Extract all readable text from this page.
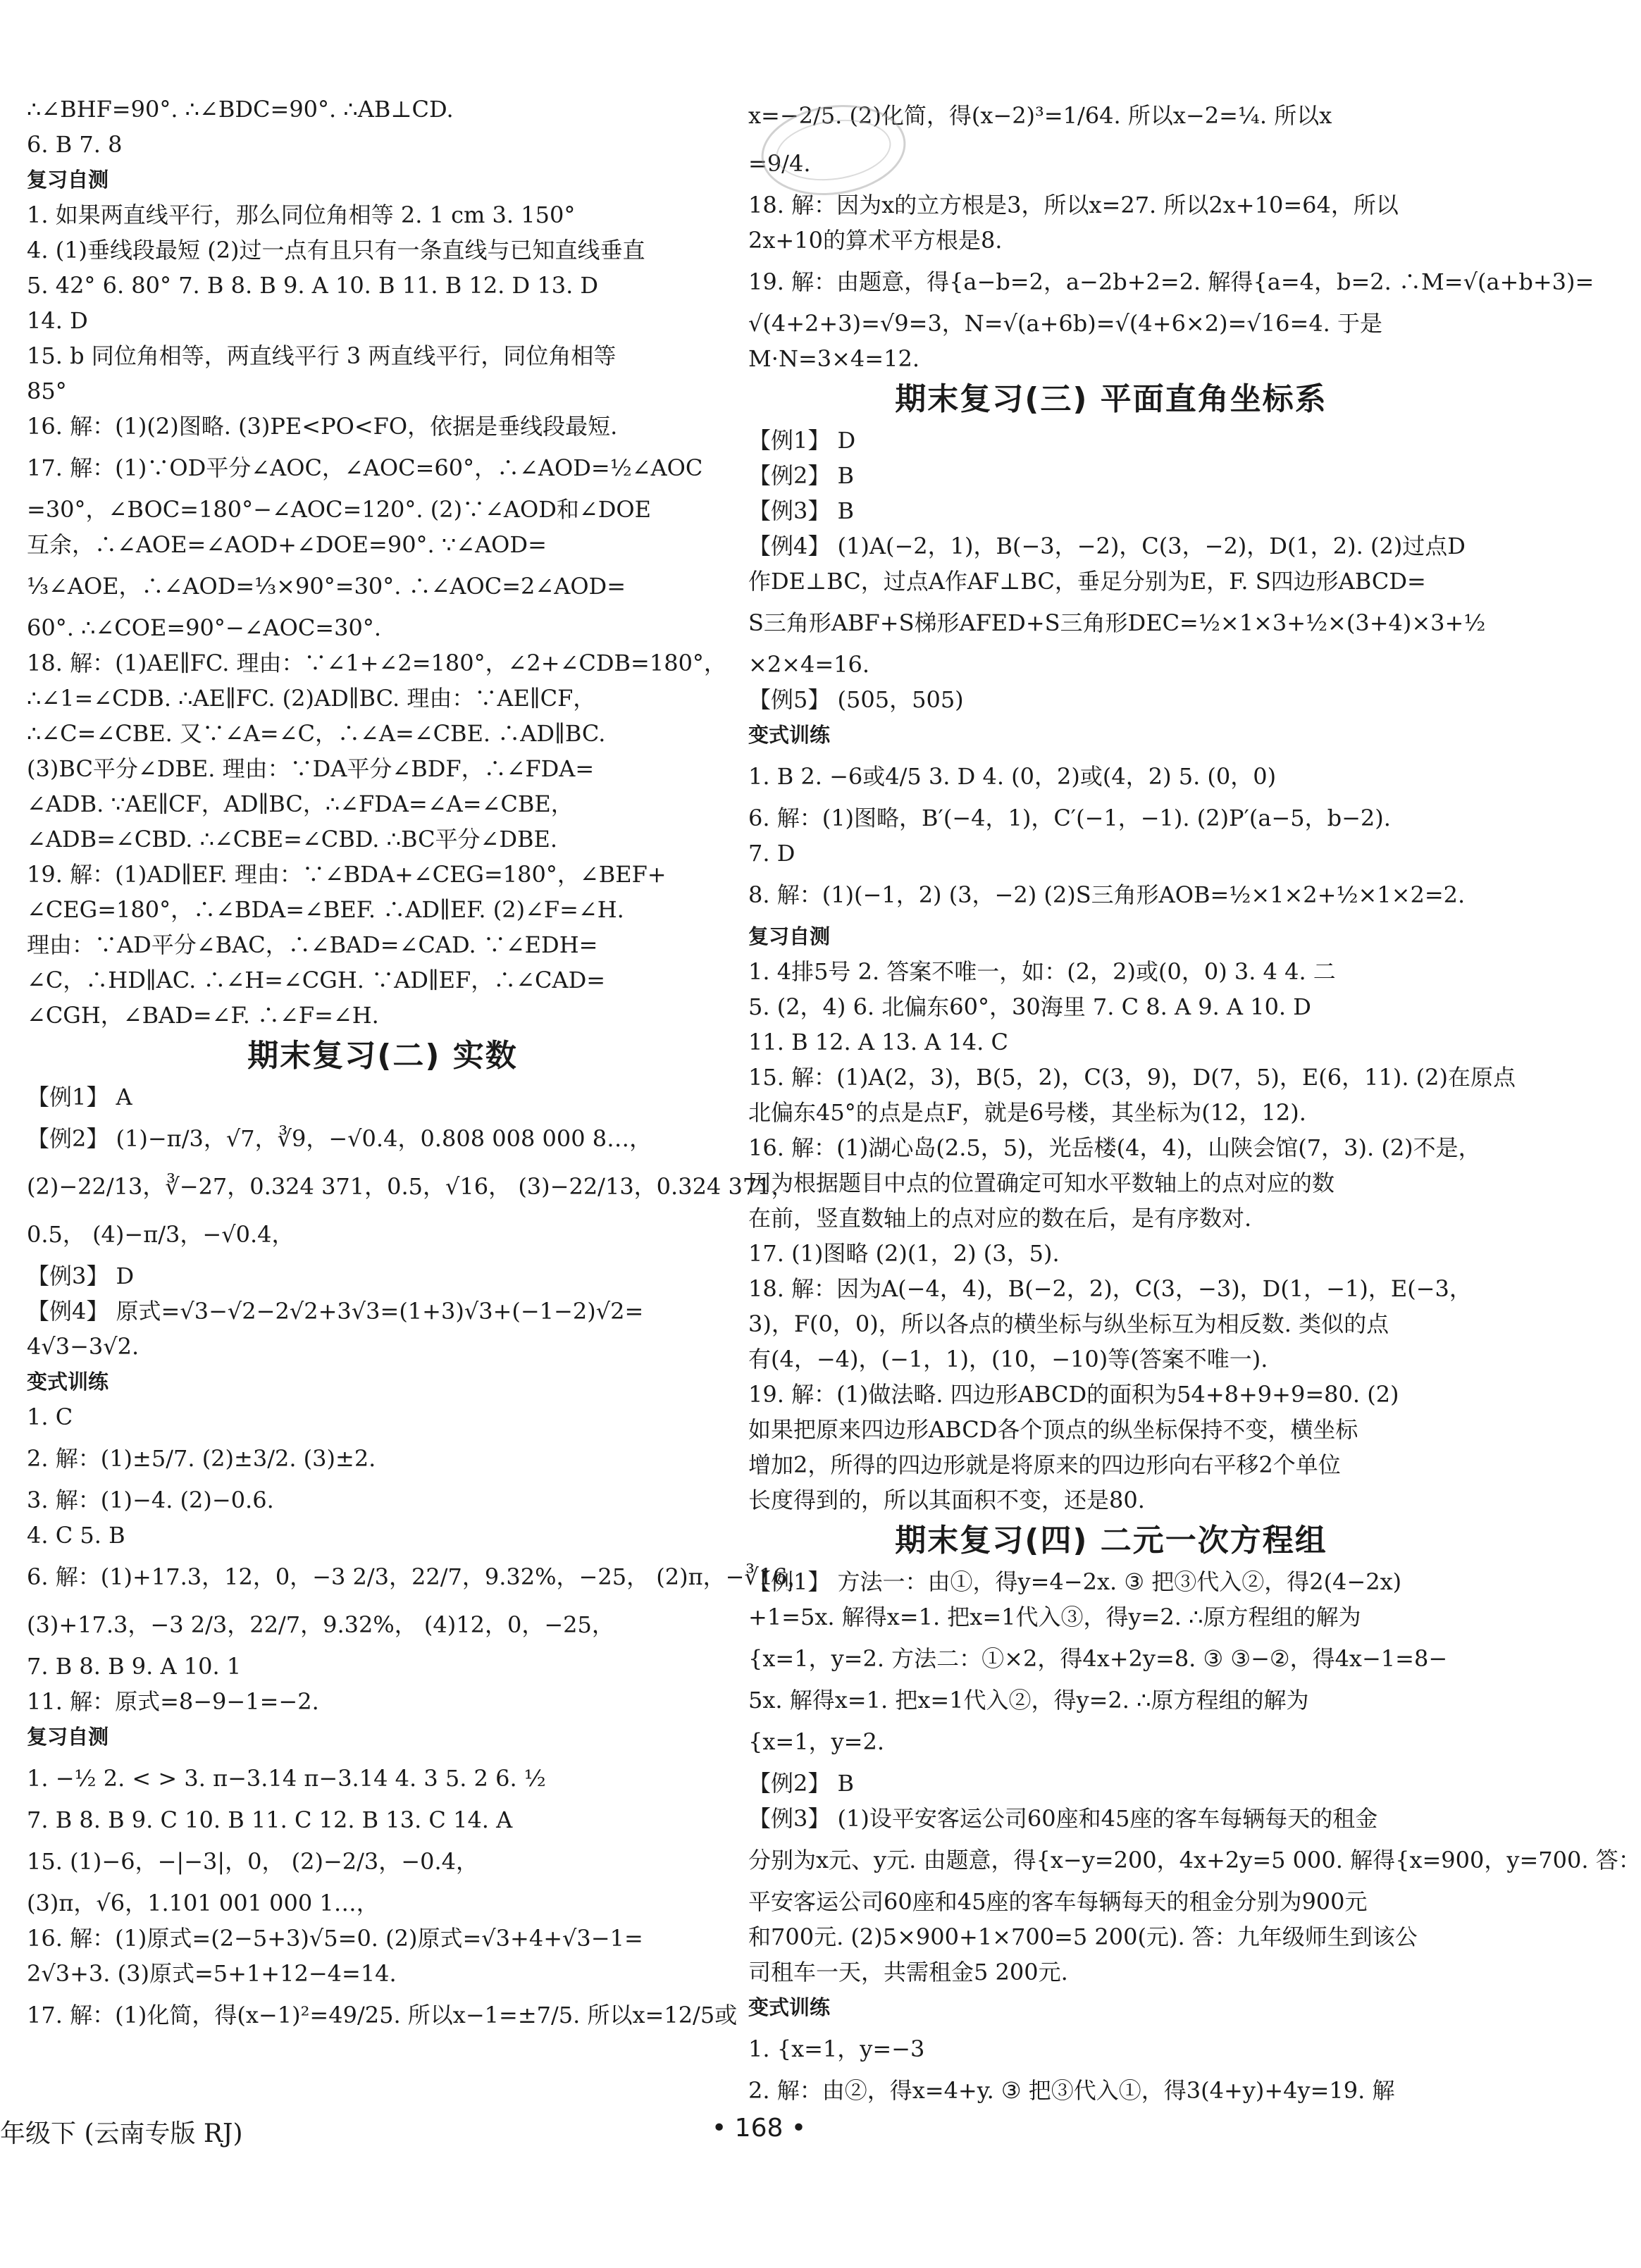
∴∠BHF=90°. ∴∠BDC=90°. ∴AB⊥CD.
6. B 7. 8
复习自测
1. 如果两直线平行，那么同位角相等 2. 1 cm 3. 150°
4. (1)垂线段最短 (2)过一点有且只有一条直线与已知直线垂直
5. 42° 6. 80° 7. B 8. B 9. A 10. B 11. B 12. D 13. D
14. D
15. b 同位角相等，两直线平行 3 两直线平行，同位角相等
85°
16. 解：(1)(2)图略. (3)PE<PO<FO，依据是垂线段最短.
17. 解：(1)∵OD平分∠AOC，∠AOC=60°，∴∠AOD=½∠AOC
=30°，∠BOC=180°−∠AOC=120°. (2)∵∠AOD和∠DOE
互余，∴∠AOE=∠AOD+∠DOE=90°. ∵∠AOD=
⅓∠AOE，∴∠AOD=⅓×90°=30°. ∴∠AOC=2∠AOD=
60°. ∴∠COE=90°−∠AOC=30°.
18. 解：(1)AE∥FC. 理由：∵∠1+∠2=180°，∠2+∠CDB=180°，
∴∠1=∠CDB. ∴AE∥FC. (2)AD∥BC. 理由：∵AE∥CF，
∴∠C=∠CBE. 又∵∠A=∠C，∴∠A=∠CBE. ∴AD∥BC.
(3)BC平分∠DBE. 理由：∵DA平分∠BDF，∴∠FDA=
∠ADB. ∵AE∥CF，AD∥BC，∴∠FDA=∠A=∠CBE，
∠ADB=∠CBD. ∴∠CBE=∠CBD. ∴BC平分∠DBE.
19. 解：(1)AD∥EF. 理由：∵∠BDA+∠CEG=180°，∠BEF+
∠CEG=180°，∴∠BDA=∠BEF. ∴AD∥EF. (2)∠F=∠H.
理由：∵AD平分∠BAC，∴∠BAD=∠CAD. ∵∠EDH=
∠C，∴HD∥AC. ∴∠H=∠CGH. ∵AD∥EF，∴∠CAD=
∠CGH，∠BAD=∠F. ∴∠F=∠H.
期末复习(二) 实数
【例1】 A
【例2】 (1)−π/3，√7，∛9，−√0.4，0.808 008 000 8…，
(2)−22/13，∛−27，0.324 371，0.5，√16， (3)−22/13，0.324 371，
0.5， (4)−π/3，−√0.4，
【例3】 D
【例4】 原式=√3−√2−2√2+3√3=(1+3)√3+(−1−2)√2=
4√3−3√2.
变式训练
1. C
2. 解：(1)±5/7. (2)±3/2. (3)±2.
3. 解：(1)−4. (2)−0.6.
4. C 5. B
6. 解：(1)+17.3，12，0，−3 2/3，22/7，9.32%，−25， (2)π，−∛16，
(3)+17.3，−3 2/3，22/7，9.32%， (4)12，0，−25，
7. B 8. B 9. A 10. 1
11. 解：原式=8−9−1=−2.
复习自测
1. −½ 2. < > 3. π−3.14 π−3.14 4. 3 5. 2 6. ½
7. B 8. B 9. C 10. B 11. C 12. B 13. C 14. A
15. (1)−6，−|−3|，0， (2)−2/3，−0.4，
(3)π，√6，1.101 001 000 1…，
16. 解：(1)原式=(2−5+3)√5=0. (2)原式=√3+4+√3−1=
2√3+3. (3)原式=5+1+12−4=14.
17. 解：(1)化简，得(x−1)²=49/25. 所以x−1=±7/5. 所以x=12/5或
x=−2/5. (2)化简，得(x−2)³=1/64. 所以x−2=¼. 所以x
=9/4.
18. 解：因为x的立方根是3，所以x=27. 所以2x+10=64，所以
2x+10的算术平方根是8.
19. 解：由题意，得{a−b=2，a−2b+2=2. 解得{a=4，b=2. ∴M=√(a+b+3)=
√(4+2+3)=√9=3，N=√(a+6b)=√(4+6×2)=√16=4. 于是
M·N=3×4=12.
期末复习(三) 平面直角坐标系
【例1】 D
【例2】 B
【例3】 B
【例4】 (1)A(−2，1)，B(−3，−2)，C(3，−2)，D(1，2). (2)过点D
作DE⊥BC，过点A作AF⊥BC，垂足分别为E，F. S四边形ABCD=
S三角形ABF+S梯形AFED+S三角形DEC=½×1×3+½×(3+4)×3+½
×2×4=16.
【例5】 (505，505)
变式训练
1. B 2. −6或4/5 3. D 4. (0，2)或(4，2) 5. (0，0)
6. 解：(1)图略，B′(−4，1)，C′(−1，−1). (2)P′(a−5，b−2).
7. D
8. 解：(1)(−1，2) (3，−2) (2)S三角形AOB=½×1×2+½×1×2=2.
复习自测
1. 4排5号 2. 答案不唯一，如：(2，2)或(0，0) 3. 4 4. 二
5. (2，4) 6. 北偏东60°，30海里 7. C 8. A 9. A 10. D
11. B 12. A 13. A 14. C
15. 解：(1)A(2，3)，B(5，2)，C(3，9)，D(7，5)，E(6，11). (2)在原点
北偏东45°的点是点F，就是6号楼，其坐标为(12，12).
16. 解：(1)湖心岛(2.5，5)，光岳楼(4，4)，山陕会馆(7，3). (2)不是，
因为根据题目中点的位置确定可知水平数轴上的点对应的数
在前，竖直数轴上的点对应的数在后，是有序数对.
17. (1)图略 (2)(1，2) (3，5).
18. 解：因为A(−4，4)，B(−2，2)，C(3，−3)，D(1，−1)，E(−3，
3)，F(0，0)，所以各点的横坐标与纵坐标互为相反数. 类似的点
有(4，−4)，(−1，1)，(10，−10)等(答案不唯一).
19. 解：(1)做法略. 四边形ABCD的面积为54+8+9+9=80. (2)
如果把原来四边形ABCD各个顶点的纵坐标保持不变，横坐标
增加2，所得的四边形就是将原来的四边形向右平移2个单位
长度得到的，所以其面积不变，还是80.
期末复习(四) 二元一次方程组
【例1】 方法一：由①，得y=4−2x. ③ 把③代入②，得2(4−2x)
+1=5x. 解得x=1. 把x=1代入③，得y=2. ∴原方程组的解为
{x=1，y=2. 方法二：①×2，得4x+2y=8. ③ ③−②，得4x−1=8−
5x. 解得x=1. 把x=1代入②，得y=2. ∴原方程组的解为
{x=1，y=2.
【例2】 B
【例3】 (1)设平安客运公司60座和45座的客车每辆每天的租金
分别为x元、y元. 由题意，得{x−y=200，4x+2y=5 000. 解得{x=900，y=700. 答：
平安客运公司60座和45座的客车每辆每天的租金分别为900元
和700元. (2)5×900+1×700=5 200(元). 答：九年级师生到该公
司租车一天，共需租金5 200元.
变式训练
1. {x=1，y=−3
2. 解：由②，得x=4+y. ③ 把③代入①，得3(4+y)+4y=19. 解
年级下 (云南专版 RJ)	• 168 •
